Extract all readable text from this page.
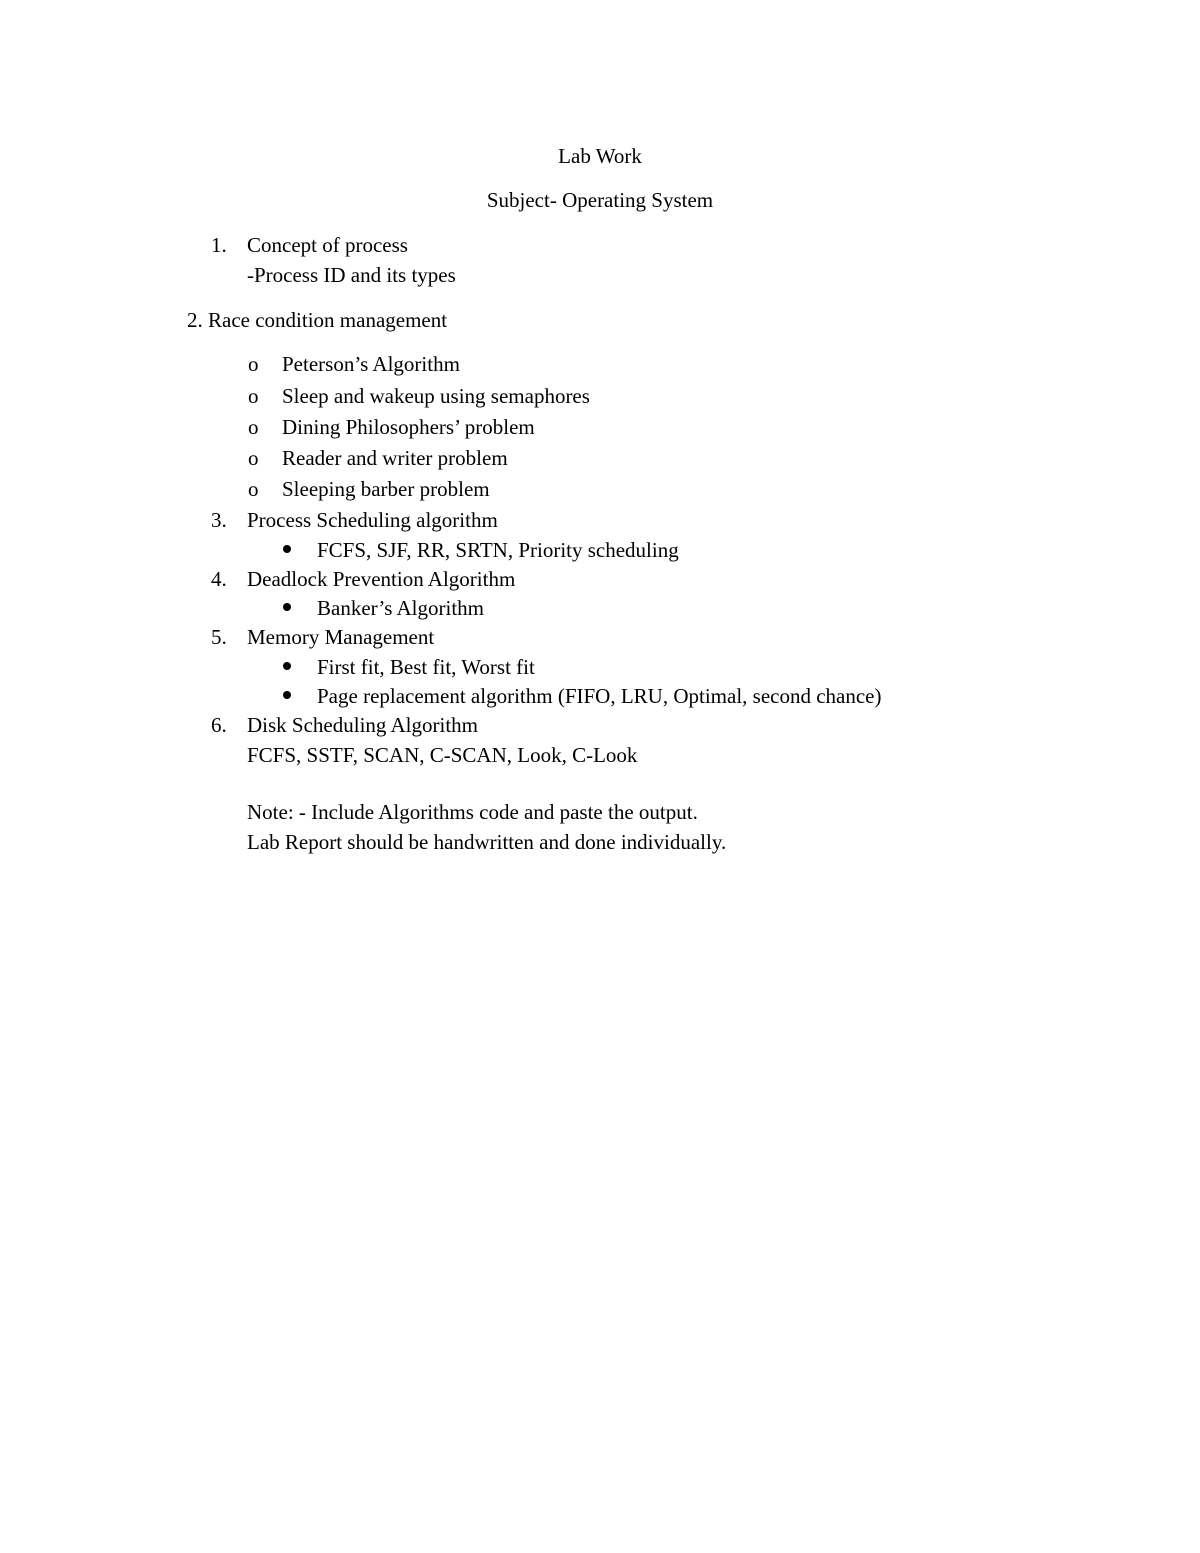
Lab Work
Subject- Operating System
1. Concept of process
-Process ID and its types
2. Race condition management
o Peterson’s Algorithm
o Sleep and wakeup using semaphores
o Dining Philosophers’ problem
o Reader and writer problem
o Sleeping barber problem
3. Process Scheduling algorithm
FCFS, SJF, RR, SRTN, Priority scheduling
4. Deadlock Prevention Algorithm
Banker’s Algorithm
5. Memory Management
First fit, Best fit, Worst fit
Page replacement algorithm (FIFO, LRU, Optimal, second chance)
6. Disk Scheduling Algorithm
FCFS, SSTF, SCAN, C-SCAN, Look, C-Look
Note: - Include Algorithms code and paste the output.
Lab Report should be handwritten and done individually.
